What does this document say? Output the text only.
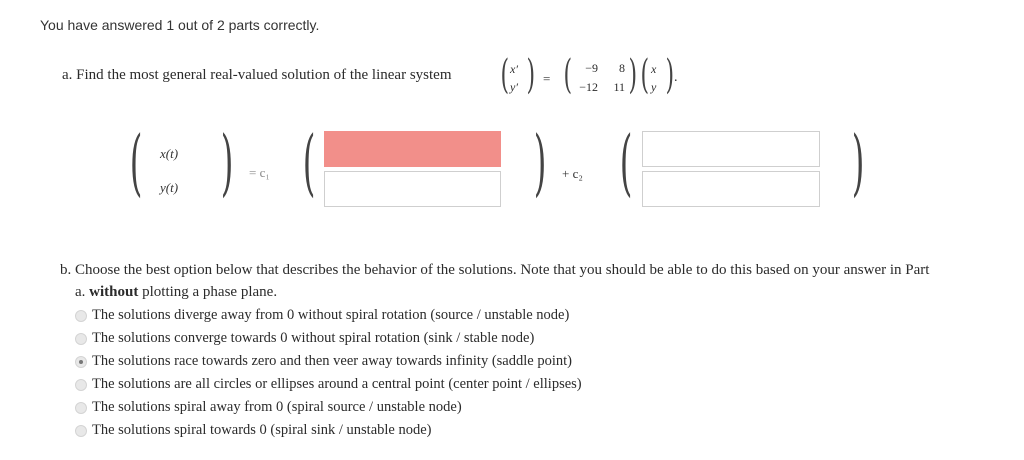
You have answered 1 out of 2 parts correctly.
a. Find the most general real-valued solution of the linear system ( x′
y′ ) = ( −9	8
−12 11 ) ( x
y ) .
( x(t)
y(t) ) = c₁ (	) + c₂ (	)
b. Choose the best option below that describes the behavior of the solutions. Note that you should be able to do this based on your answer in Part
a. without plotting a phase plane.
The solutions diverge away from 0 without spiral rotation (source / unstable node)
The solutions converge towards 0 without spiral rotation (sink / stable node)
The solutions race towards zero and then veer away towards infinity (saddle point)
The solutions are all circles or ellipses around a central point (center point / ellipses)
The solutions spiral away from 0 (spiral source / unstable node)
The solutions spiral towards 0 (spiral sink / unstable node)
